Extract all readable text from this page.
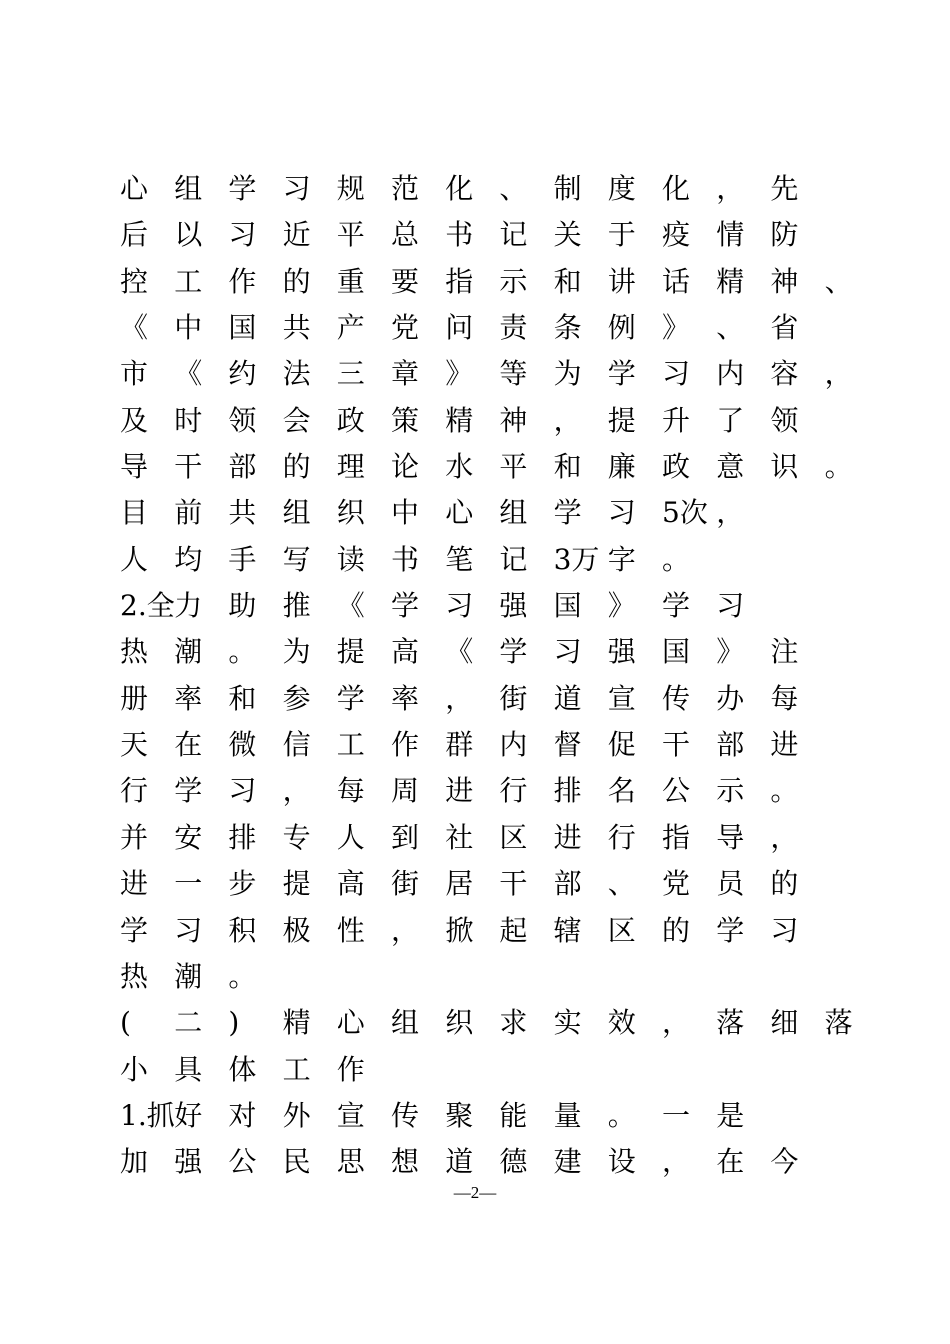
心 组 学 习 规 范 化 、 制 度 化 ， 先
后 以 习 近 平 总 书 记 关 于 疫 情 防
控 工 作 的 重 要 指 示 和 讲 话 精 神 、
《 中 国 共 产 党 问 责 条 例 》 、 省
市 《 约 法 三 章 》 等 为 学 习 内 容 ，
及 时 领 会 政 策 精 神 ， 提 升 了 领
导 干 部 的 理 论 水 平 和 廉 政 意 识 。
目 前 共 组 织 中 心 组 学 习 5次 ，
人 均 手 写 读 书 笔 记 3万 字 。
2.全 力 助 推 《 学 习 强 国 》 学 习
热 潮 。 为 提 高 《 学 习 强 国 》 注
册 率 和 参 学 率 ， 街 道 宣 传 办 每
天 在 微 信 工 作 群 内 督 促 干 部 进
行 学 习 ， 每 周 进 行 排 名 公 示 。
并 安 排 专 人 到 社 区 进 行 指 导 ，
进 一 步 提 高 街 居 干 部 、 党 员 的
学 习 积 极 性 ， 掀 起 辖 区 的 学 习
热 潮 。
( 二 ) 精 心 组 织 求 实 效 ， 落 细 落
小 具 体 工 作
1.抓 好 对 外 宣 传 聚 能 量 。 一 是
加 强 公 民 思 想 道 德 建 设 ， 在 今
—2—
